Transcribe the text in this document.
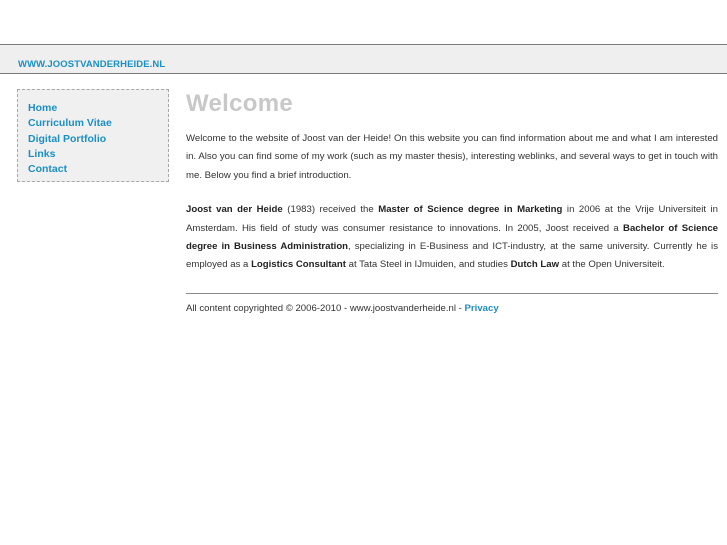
WWW.JOOSTVANDERHEIDE.NL
Home
Curriculum Vitae
Digital Portfolio
Links
Contact
Welcome

Welcome to the website of Joost van der Heide! On this website you can find information about me and what I am interested in. Also you can find some of my work (such as my master thesis), interesting weblinks, and several ways to get in touch with me. Below you find a brief introduction.

Joost van der Heide (1983) received the Master of Science degree in Marketing in 2006 at the Vrije Universiteit in Amsterdam. His field of study was consumer resistance to innovations. In 2005, Joost received a Bachelor of Science degree in Business Administration, specializing in E-Business and ICT-industry, at the same university. Currently he is employed as a Logistics Consultant at Tata Steel in IJmuiden, and studies Dutch Law at the Open Universiteit.

All content copyrighted © 2006-2010 - www.joostvanderheide.nl - Privacy
